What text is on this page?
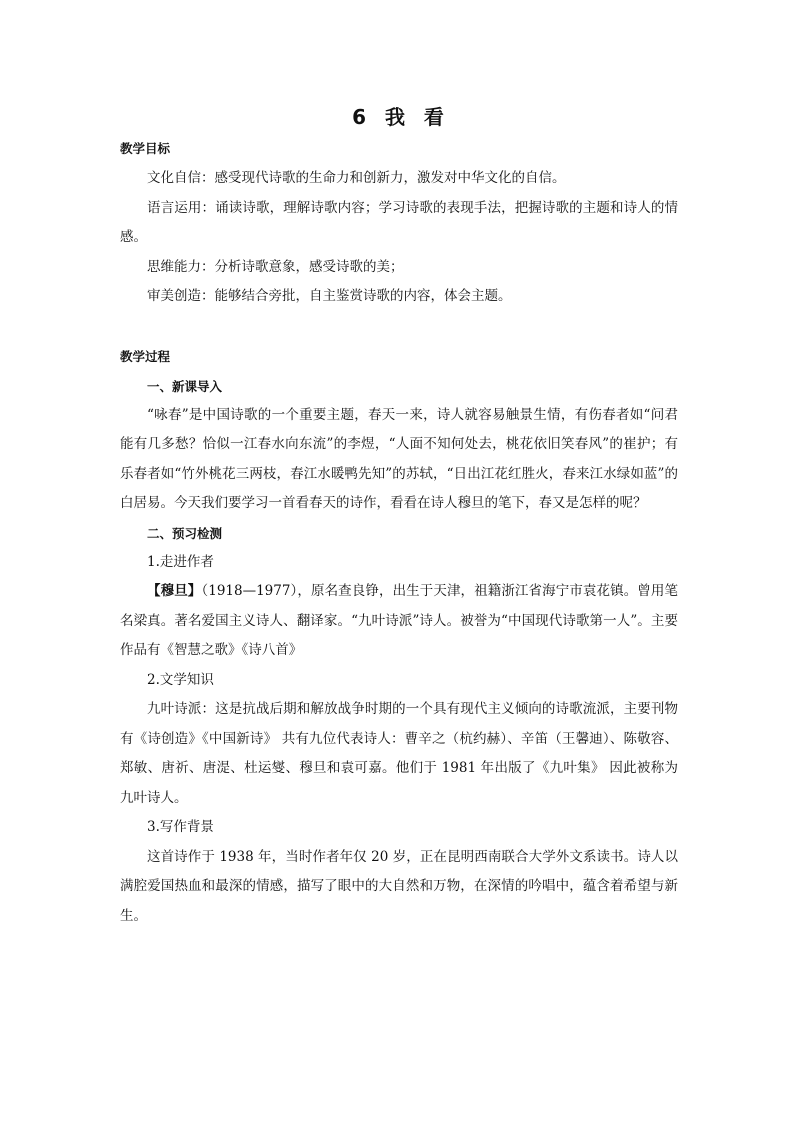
6 我 看
教学目标

文化自信：感受现代诗歌的生命力和创新力，激发对中华文化的自信。

语言运用：诵读诗歌，理解诗歌内容；学习诗歌的表现手法，把握诗歌的主题和诗人的情感。

思维能力：分析诗歌意象，感受诗歌的美；

审美创造：能够结合旁批，自主鉴赏诗歌的内容，体会主题。

教学过程
一、新课导入

“咏春”是中国诗歌的一个重要主题，春天一来，诗人就容易触景生情，有伤春者如“问君能有几多愁？恰似一江春水向东流”的李煜，“人面不知何处去，桃花依旧笑春风”的崔护；有乐春者如“竹外桃花三两枝，春江水暖鸭先知”的苏轼，“日出江花红胜火，春来江水绿如蓝”的白居易。今天我们要学习一首看春天的诗作，看看在诗人穆旦的笔下，春又是怎样的呢？

二、预习检测
1.走进作者

【穆旦】（1918—1977），原名查良铮，出生于天津，祖籍浙江省海宁市袁花镇。曾用笔名梁真。著名爱国主义诗人、翻译家。“九叶诗派”诗人。被誉为“中国现代诗歌第一人”。主要作品有《智慧之歌》《诗八首》

2.文学知识

九叶诗派：这是抗战后期和解放战争时期的一个具有现代主义倾向的诗歌流派，主要刊物有《诗创造》《中国新诗》 共有九位代表诗人：曹辛之（杭约赫）、辛笛（王馨迪）、陈敬容、郑敏、唐祈、唐湜、杜运燮、穆旦和袁可嘉。他们于 1981 年出版了《九叶集》 因此被称为九叶诗人。

3.写作背景

这首诗作于 1938 年，当时作者年仅 20 岁，正在昆明西南联合大学外文系读书。诗人以满腔爱国热血和最深的情感，描写了眼中的大自然和万物，在深情的吟唱中，蕴含着希望与新生。
